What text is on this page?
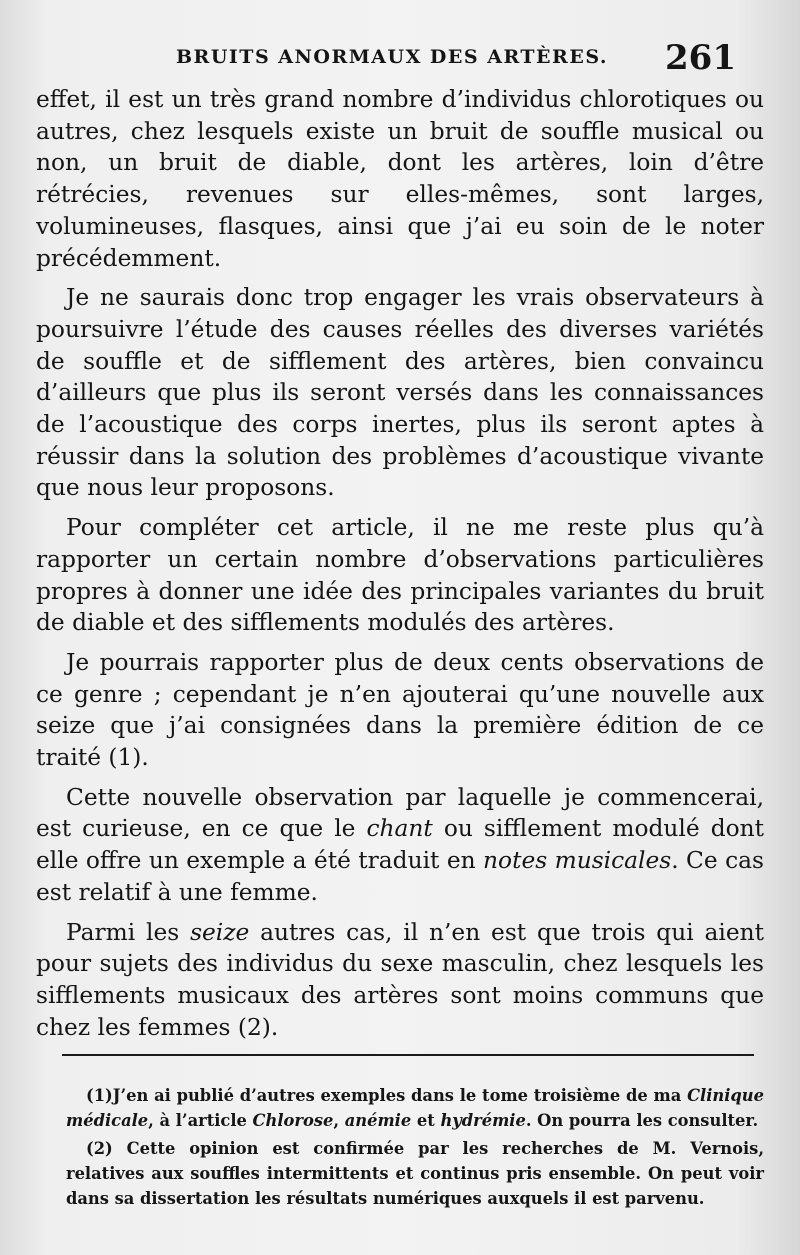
BRUITS ANORMAUX DES ARTÈRES. 261

effet, il est un très grand nombre d’individus chlorotiques ou autres, chez lesquels existe un bruit de souffle musical ou non, un bruit de diable, dont les artères, loin d’être rétrécies, revenues sur elles-mêmes, sont larges, volumineuses, flasques, ainsi que j’ai eu soin de le noter précédemment.

Je ne saurais donc trop engager les vrais observateurs à poursuivre l’étude des causes réelles des diverses variétés de souffle et de sifflement des artères, bien convaincu d’ailleurs que plus ils seront versés dans les connaissances de l’acoustique des corps inertes, plus ils seront aptes à réussir dans la solution des problèmes d’acoustique vivante que nous leur proposons.

Pour compléter cet article, il ne me reste plus qu’à rapporter un certain nombre d’observations particulières propres à donner une idée des principales variantes du bruit de diable et des sifflements modulés des artères.

Je pourrais rapporter plus de deux cents observations de ce genre ; cependant je n’en ajouterai qu’une nouvelle aux seize que j’ai consignées dans la première édition de ce traité (1).

Cette nouvelle observation par laquelle je commencerai, est curieuse, en ce que le chant ou sifflement modulé dont elle offre un exemple a été traduit en notes musicales. Ce cas est relatif à une femme.

Parmi les seize autres cas, il n’en est que trois qui aient pour sujets des individus du sexe masculin, chez lesquels les sifflements musicaux des artères sont moins communs que chez les femmes (2).

(1)J’en ai publié d’autres exemples dans le tome troisième de ma Clinique médicale, à l’article Chlorose, anémie et hydrémie. On pourra les consulter.

(2) Cette opinion est confirmée par les recherches de M. Vernois, relatives aux souffles intermittents et continus pris ensemble. On peut voir dans sa dissertation les résultats numériques auxquels il est parvenu.
